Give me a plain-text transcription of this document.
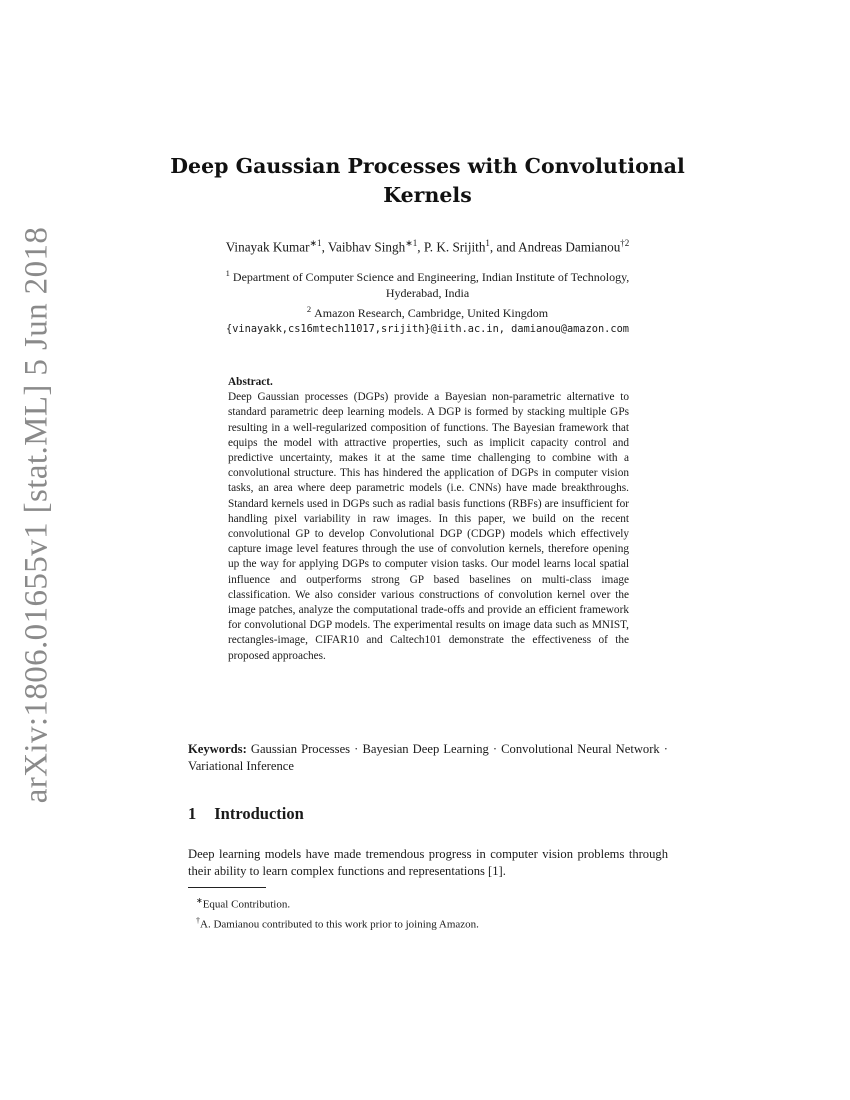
arXiv:1806.01655v1 [stat.ML] 5 Jun 2018
Deep Gaussian Processes with Convolutional
Kernels
Vinayak Kumar$^{∗1}$, Vaibhav Singh$^{∗1}$, P. K. Srijith$^1$, and Andreas Damianou$^{\dagger 2}$
$^1$ Department of Computer Science and Engineering, Indian Institute of Technology,
Hyderabad, India
$^2$ Amazon Research, Cambridge, United Kingdom
{vinayakk,cs16mtech11017,srijith}@iith.ac.in, damianou@amazon.com
Abstract.
Deep Gaussian processes (DGPs) provide a Bayesian non-parametric alternative to standard parametric deep learning models. A DGP is formed by stacking multiple GPs resulting in a well-regularized composition of functions. The Bayesian framework that equips the model with attractive properties, such as implicit capacity control and predictive uncertainty, makes it at the same time challenging to combine with a convolutional structure. This has hindered the application of DGPs in computer vision tasks, an area where deep parametric models (i.e. CNNs) have made breakthroughs. Standard kernels used in DGPs such as radial basis functions (RBFs) are insufficient for handling pixel variability in raw images. In this paper, we build on the recent convolutional GP to develop Convolutional DGP (CDGP) models which effectively capture image level features through the use of convolution kernels, therefore opening up the way for applying DGPs to computer vision tasks. Our model learns local spatial influence and outperforms strong GP based baselines on multi-class image classification. We also consider various constructions of convolution kernel over the image patches, analyze the computational trade-offs and provide an efficient framework for convolutional DGP models. The experimental results on image data such as MNIST, rectangles-image, CIFAR10 and Caltech101 demonstrate the effectiveness of the proposed approaches.
Keywords: Gaussian Processes · Bayesian Deep Learning · Convolutional Neural Network · Variational Inference
1 Introduction
Deep learning models have made tremendous progress in computer vision problems through their ability to learn complex functions and representations [1].
∗Equal Contribution.
†A. Damianou contributed to this work prior to joining Amazon.
